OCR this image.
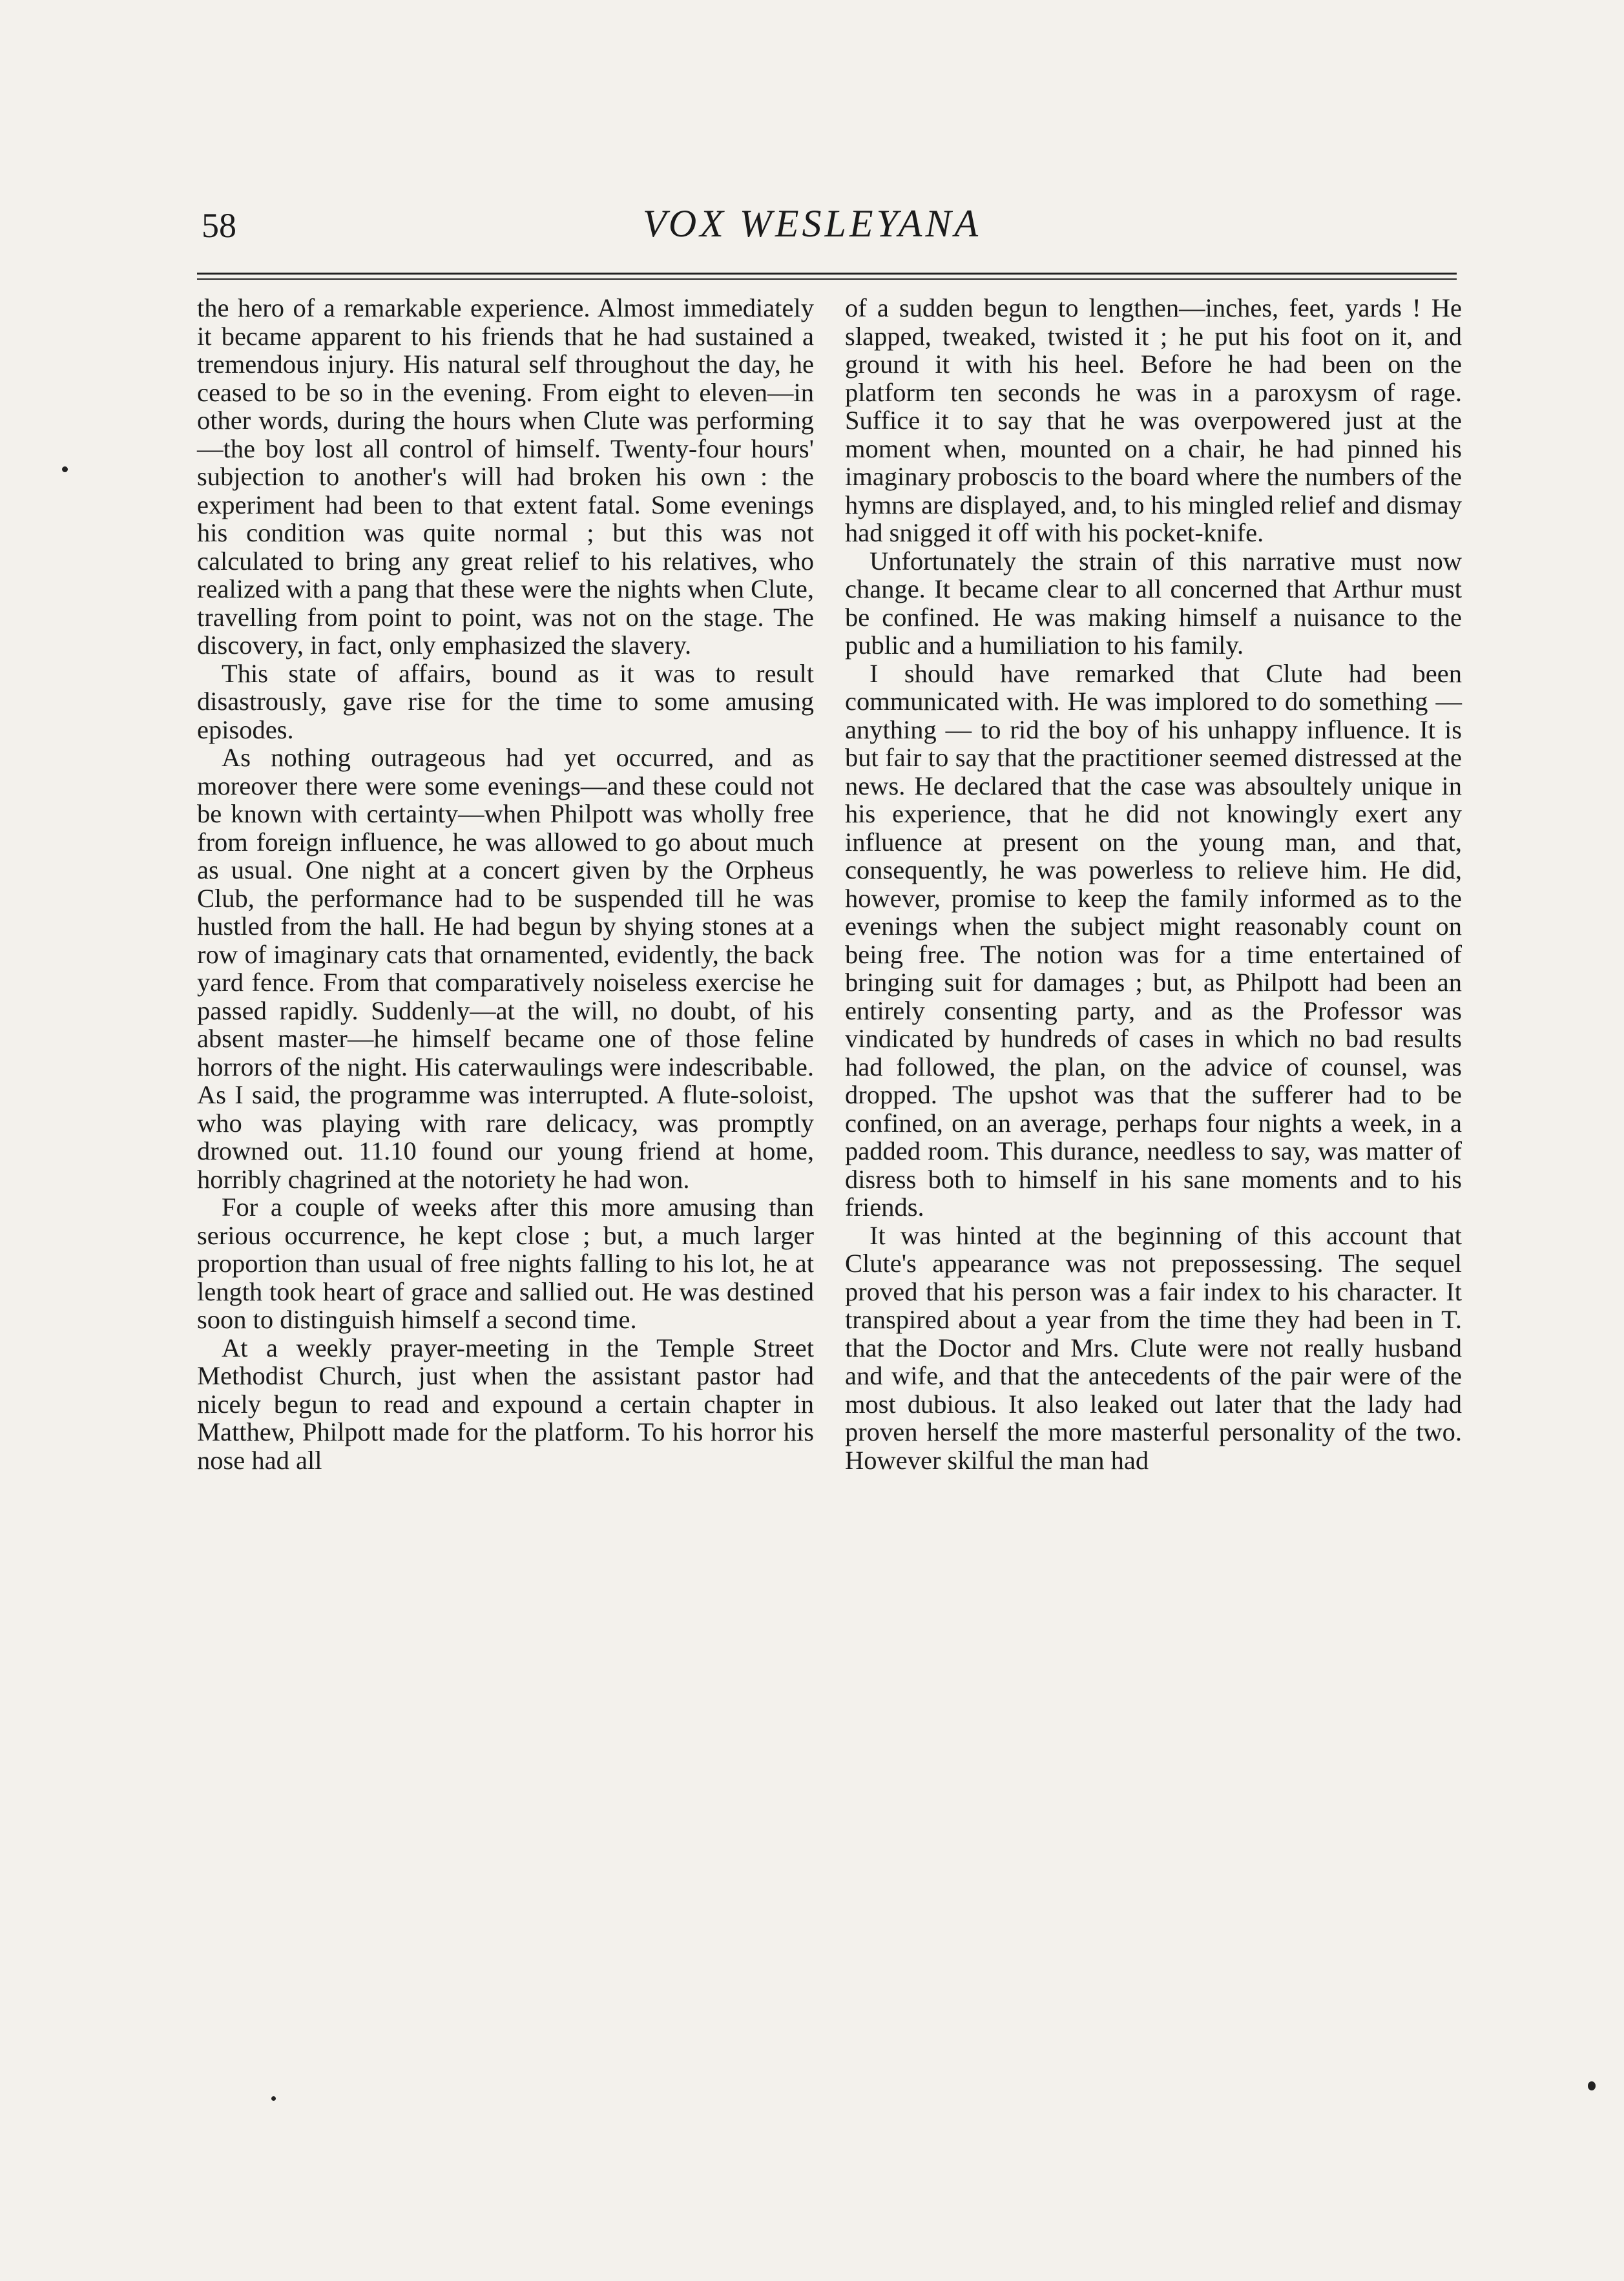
58	VOX WESLEYANA

the hero of a remarkable experience. Almost immediately it became apparent to his friends that he had sustained a tremendous injury. His natural self throughout the day, he ceased to be so in the evening. From eight to eleven—in other words, during the hours when Clute was performing—the boy lost all control of himself. Twenty-four hours' subjection to another's will had broken his own : the experiment had been to that extent fatal. Some evenings his condition was quite normal ; but this was not calculated to bring any great relief to his relatives, who realized with a pang that these were the nights when Clute, travelling from point to point, was not on the stage. The discovery, in fact, only emphasized the slavery.

This state of affairs, bound as it was to result disastrously, gave rise for the time to some amusing episodes.

As nothing outrageous had yet occurred, and as moreover there were some evenings—and these could not be known with certainty—when Philpott was wholly free from foreign influence, he was allowed to go about much as usual. One night at a concert given by the Orpheus Club, the performance had to be suspended till he was hustled from the hall. He had begun by shying stones at a row of imaginary cats that ornamented, evidently, the back yard fence. From that comparatively noiseless exercise he passed rapidly. Suddenly—at the will, no doubt, of his absent master—he himself became one of those feline horrors of the night. His caterwaulings were indescribable. As I said, the programme was interrupted. A flute-soloist, who was playing with rare delicacy, was promptly drowned out. 11.10 found our young friend at home, horribly chagrined at the notoriety he had won.

For a couple of weeks after this more amusing than serious occurrence, he kept close ; but, a much larger proportion than usual of free nights falling to his lot, he at length took heart of grace and sallied out. He was destined soon to distinguish himself a second time.

At a weekly prayer-meeting in the Temple Street Methodist Church, just when the assistant pastor had nicely begun to read and expound a certain chapter in Matthew, Philpott made for the platform. To his horror his nose had all

of a sudden begun to lengthen—inches, feet, yards ! He slapped, tweaked, twisted it ; he put his foot on it, and ground it with his heel. Before he had been on the platform ten seconds he was in a paroxysm of rage. Suffice it to say that he was overpowered just at the moment when, mounted on a chair, he had pinned his imaginary proboscis to the board where the numbers of the hymns are displayed, and, to his mingled relief and dismay had snigged it off with his pocket-knife.

Unfortunately the strain of this narrative must now change. It became clear to all concerned that Arthur must be confined. He was making himself a nuisance to the public and a humiliation to his family.

I should have remarked that Clute had been communicated with. He was implored to do something — anything — to rid the boy of his unhappy influence. It is but fair to say that the practitioner seemed distressed at the news. He declared that the case was absoultely unique in his experience, that he did not knowingly exert any influence at present on the young man, and that, consequently, he was powerless to relieve him. He did, however, promise to keep the family informed as to the evenings when the subject might reasonably count on being free. The notion was for a time entertained of bringing suit for damages ; but, as Philpott had been an entirely consenting party, and as the Professor was vindicated by hundreds of cases in which no bad results had followed, the plan, on the advice of counsel, was dropped. The upshot was that the sufferer had to be confined, on an average, perhaps four nights a week, in a padded room. This durance, needless to say, was matter of disress both to himself in his sane moments and to his friends.

It was hinted at the beginning of this account that Clute's appearance was not prepossessing. The sequel proved that his person was a fair index to his character. It transpired about a year from the time they had been in T. that the Doctor and Mrs. Clute were not really husband and wife, and that the antecedents of the pair were of the most dubious. It also leaked out later that the lady had proven herself the more masterful personality of the two. However skilful the man had
